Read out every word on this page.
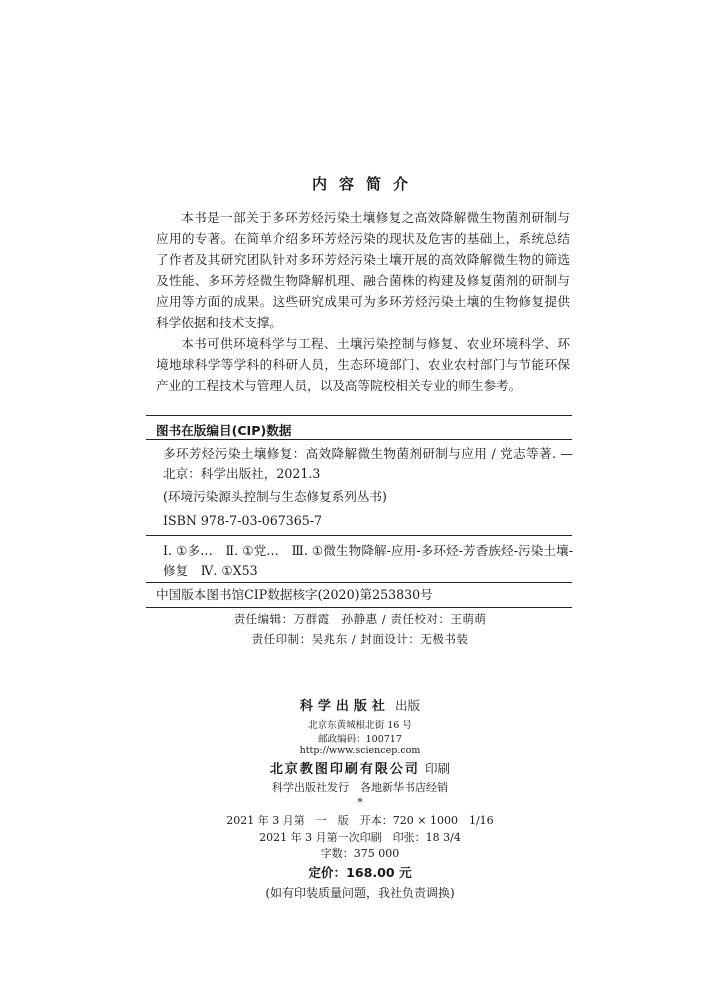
内容简介

本书是一部关于多环芳烃污染土壤修复之高效降解微生物菌剂研制与应用的专著。在简单介绍多环芳烃污染的现状及危害的基础上，系统总结了作者及其研究团队针对多环芳烃污染土壤开展的高效降解微生物的筛选及性能、多环芳烃微生物降解机理、融合菌株的构建及修复菌剂的研制与应用等方面的成果。这些研究成果可为多环芳烃污染土壤的生物修复提供科学依据和技术支撑。

本书可供环境科学与工程、土壤污染控制与修复、农业环境科学、环境地球科学等学科的科研人员，生态环境部门、农业农村部门与节能环保产业的工程技术与管理人员，以及高等院校相关专业的师生参考。

图书在版编目(CIP)数据
多环芳烃污染土壤修复：高效降解微生物菌剂研制与应用 / 党志等著. —北京：科学出版社，2021.3
(环境污染源头控制与生态修复系列丛书)
ISBN 978-7-03-067365-7
Ⅰ. ①多…　Ⅱ. ①党…　Ⅲ. ①微生物降解-应用-多环烃-芳香族烃-污染土壤-修复　Ⅳ. ①X53
中国版本图书馆CIP数据核字(2020)第253830号
责任编辑：万群霞　孙静惠 / 责任校对：王萌萌
责任印制：吴兆东 / 封面设计：无极书装
科学出版社 出版
北京东黄城根北街 16 号
邮政编码：100717
http://www.sciencep.com
北京教图印刷有限公司 印刷
科学出版社发行　各地新华书店经销
*
2021 年 3 月第　一　版　开本：720 × 1000　1/16
2021 年 3 月第一次印刷　印张：18 3/4
字数：375 000
定价：168.00 元
(如有印装质量问题，我社负责调换)
